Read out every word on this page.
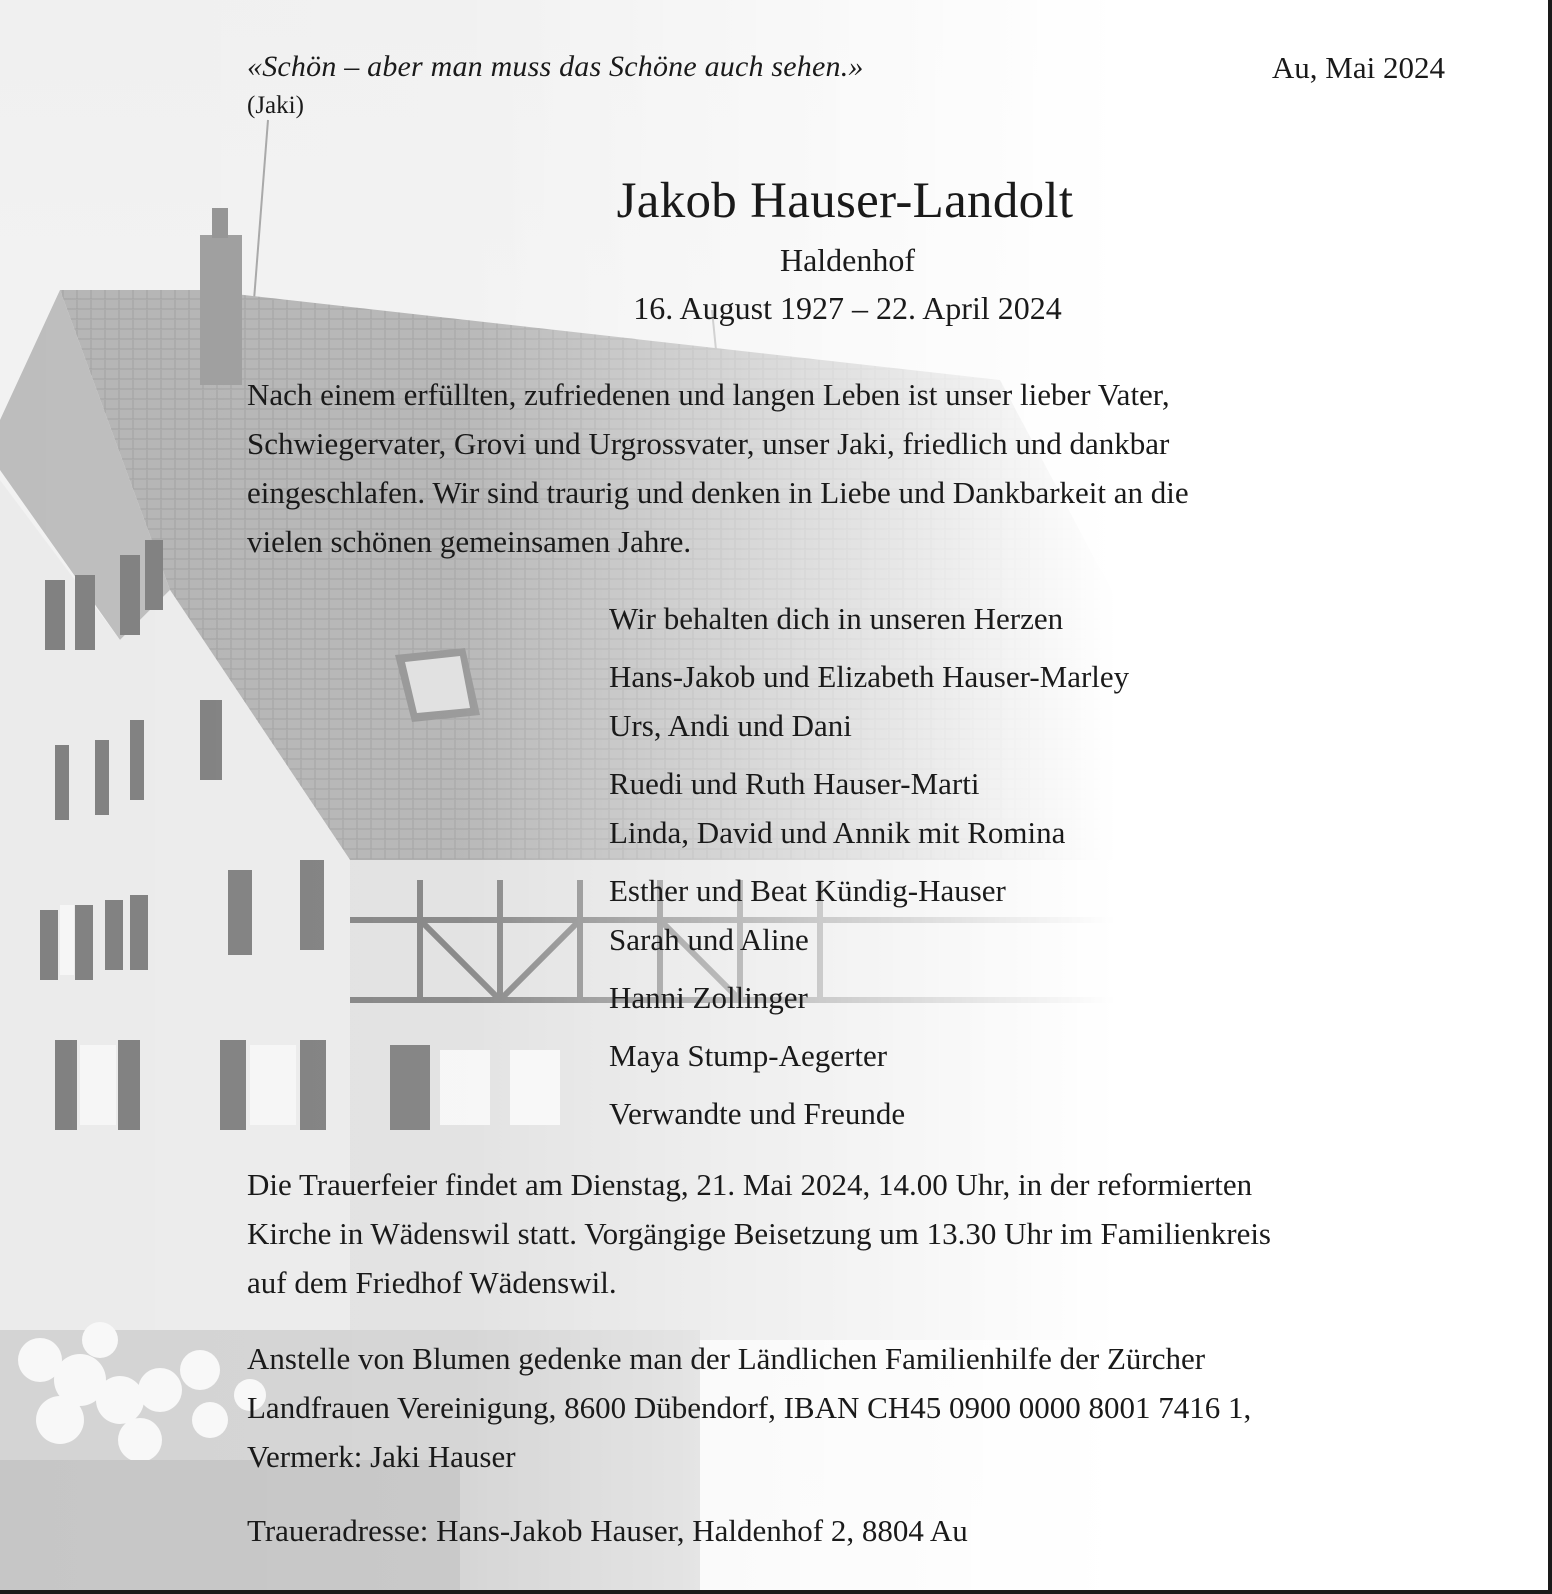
«Schön – aber man muss das Schöne auch sehen.»
(Jaki)
Au, Mai 2024
Jakob Hauser-Landolt
Haldenhof
16. August 1927 – 22. April 2024
Nach einem erfüllten, zufriedenen und langen Leben ist unser lieber Vater,
Schwiegervater, Grovi und Urgrossvater, unser Jaki, friedlich und dankbar
eingeschlafen. Wir sind traurig und denken in Liebe und Dankbarkeit an die
vielen schönen gemeinsamen Jahre.
Wir behalten dich in unseren Herzen
Hans-Jakob und Elizabeth Hauser-Marley
Urs, Andi und Dani
Ruedi und Ruth Hauser-Marti
Linda, David und Annik mit Romina
Esther und Beat Kündig-Hauser
Sarah und Aline
Hanni Zollinger
Maya Stump-Aegerter
Verwandte und Freunde
Die Trauerfeier findet am Dienstag, 21. Mai 2024, 14.00 Uhr, in der reformierten
Kirche in Wädenswil statt. Vorgängige Beisetzung um 13.30 Uhr im Familienkreis
auf dem Friedhof Wädenswil.
Anstelle von Blumen gedenke man der Ländlichen Familienhilfe der Zürcher
Landfrauen Vereinigung, 8600 Dübendorf, IBAN CH45 0900 0000 8001 7416 1,
Vermerk: Jaki Hauser
Traueradresse: Hans-Jakob Hauser, Haldenhof 2, 8804 Au
